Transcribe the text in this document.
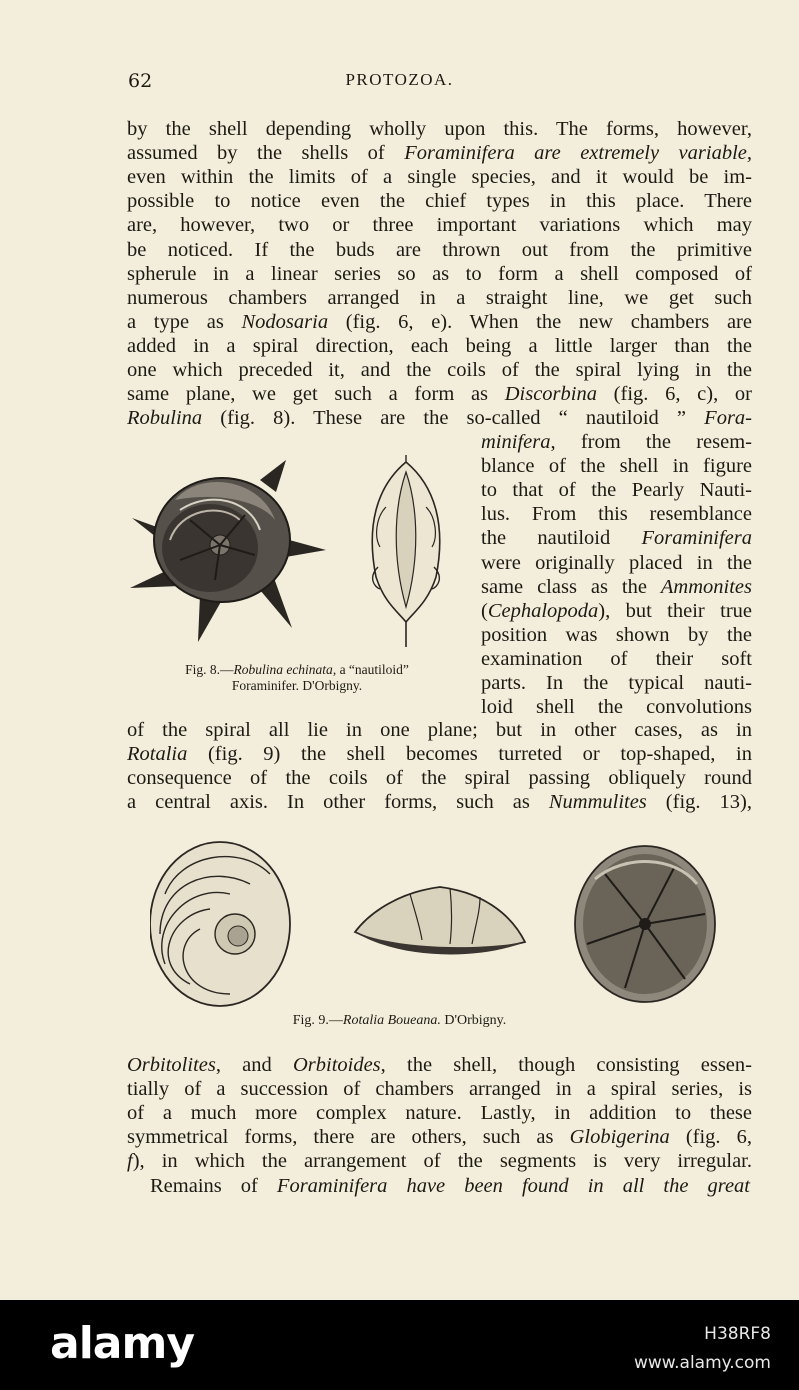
62	PROTOZOA.
by the shell depending wholly upon this. The forms, however,
assumed by the shells of Foraminifera are extremely variable,
even within the limits of a single species, and it would be im-
possible to notice even the chief types in this place. There
are, however, two or three important variations which may
be noticed. If the buds are thrown out from the primitive
spherule in a linear series so as to form a shell composed of
numerous chambers arranged in a straight line, we get such
a type as Nodosaria (fig. 6, e). When the new chambers are
added in a spiral direction, each being a little larger than the
one which preceded it, and the coils of the spiral lying in the
same plane, we get such a form as Discorbina (fig. 6, c), or
Robulina (fig. 8). These are the so-called “ nautiloid ” Fora-
minifera, from the resem-
blance of the shell in figure
to that of the Pearly Nauti-
lus. From this resemblance
the nautiloid Foraminifera
were originally placed in the
same class as the Ammonites
(Cephalopoda), but their true
position was shown by the
examination of their soft
parts. In the typical nauti-
loid shell the convolutions
of the spiral all lie in one plane; but in other cases, as in
Rotalia (fig. 9) the shell becomes turreted or top-shaped, in
consequence of the coils of the spiral passing obliquely round
a central axis. In other forms, such as Nummulites (fig. 13),
Orbitolites, and Orbitoides, the shell, though consisting essen-
tially of a succession of chambers arranged in a spiral series, is
of a much more complex nature. Lastly, in addition to these
symmetrical forms, there are others, such as Globigerina (fig. 6,
f), in which the arrangement of the segments is very irregular.
Remains of Foraminifera have been found in all the great
Fig. 8.—Robulina echinata, a “nautiloid”
Foraminifer. D'Orbigny.
Fig. 9.—Rotalia Boueana. D'Orbigny.
alamy	H38RF8
www.alamy.com
